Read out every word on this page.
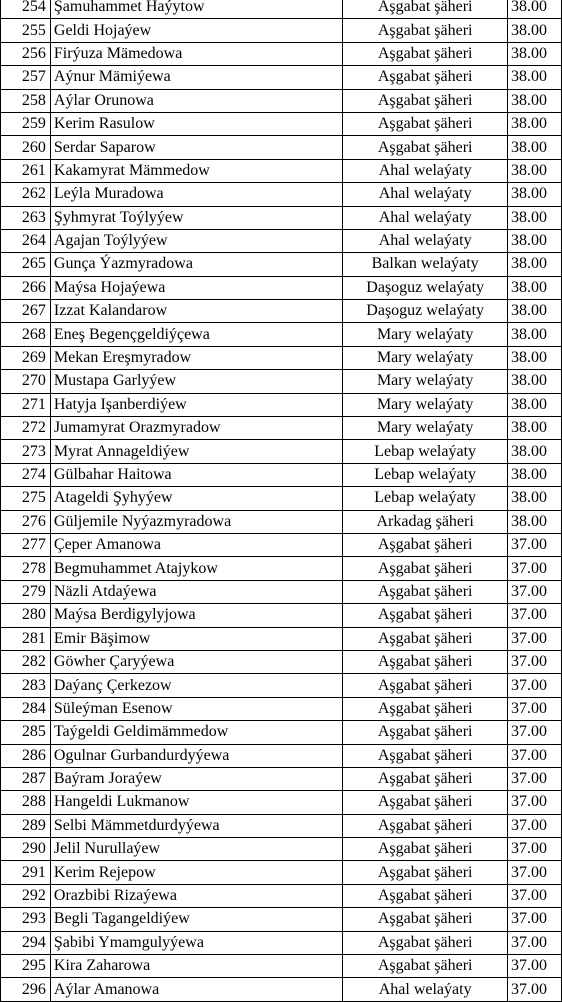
254	Şamuhammet Haýytow	Aşgabat şäheri	38.00
255	Geldi Hojaýew	Aşgabat şäheri	38.00
256	Firýuza Mämedowa	Aşgabat şäheri	38.00
257	Aýnur Mämiýewa	Aşgabat şäheri	38.00
258	Aýlar Orunowa	Aşgabat şäheri	38.00
259	Kerim Rasulow	Aşgabat şäheri	38.00
260	Serdar Saparow	Aşgabat şäheri	38.00
261	Kakamyrat Mämmedow	Ahal welaýaty	38.00
262	Leýla Muradowa	Ahal welaýaty	38.00
263	Şyhmyrat Toýlyýew	Ahal welaýaty	38.00
264	Agajan Toýlyýew	Ahal welaýaty	38.00
265	Gunça Ýazmyradowa	Balkan welaýaty	38.00
266	Maýsa Hojaýewa	Daşoguz welaýaty	38.00
267	Izzat Kalandarow	Daşoguz welaýaty	38.00
268	Eneş Begençgeldiýçewa	Mary welaýaty	38.00
269	Mekan Ereşmyradow	Mary welaýaty	38.00
270	Mustapa Garlyýew	Mary welaýaty	38.00
271	Hatyja Işanberdiýew	Mary welaýaty	38.00
272	Jumamyrat Orazmyradow	Mary welaýaty	38.00
273	Myrat Annageldiýew	Lebap welaýaty	38.00
274	Gülbahar Haitowa	Lebap welaýaty	38.00
275	Atageldi Şyhyýew	Lebap welaýaty	38.00
276	Güljemile Nyýazmyradowa	Arkadag şäheri	38.00
277	Çeper Amanowa	Aşgabat şäheri	37.00
278	Begmuhammet Atajykow	Aşgabat şäheri	37.00
279	Näzli Atdaýewa	Aşgabat şäheri	37.00
280	Maýsa Berdigylyjowa	Aşgabat şäheri	37.00
281	Emir Bäşimow	Aşgabat şäheri	37.00
282	Göwher Çaryýewa	Aşgabat şäheri	37.00
283	Daýanç Çerkezow	Aşgabat şäheri	37.00
284	Süleýman Esenow	Aşgabat şäheri	37.00
285	Taýgeldi Geldimämmedow	Aşgabat şäheri	37.00
286	Ogulnar Gurbandurdyýewa	Aşgabat şäheri	37.00
287	Baýram Joraýew	Aşgabat şäheri	37.00
288	Hangeldi Lukmanow	Aşgabat şäheri	37.00
289	Selbi Mämmetdurdyýewa	Aşgabat şäheri	37.00
290	Jelil Nurullaýew	Aşgabat şäheri	37.00
291	Kerim Rejepow	Aşgabat şäheri	37.00
292	Orazbibi Rizaýewa	Aşgabat şäheri	37.00
293	Begli Tagangeldiýew	Aşgabat şäheri	37.00
294	Şabibi Ymamgulyýewa	Aşgabat şäheri	37.00
295	Kira Zaharowa	Aşgabat şäheri	37.00
296	Aýlar Amanowa	Ahal welaýaty	37.00
